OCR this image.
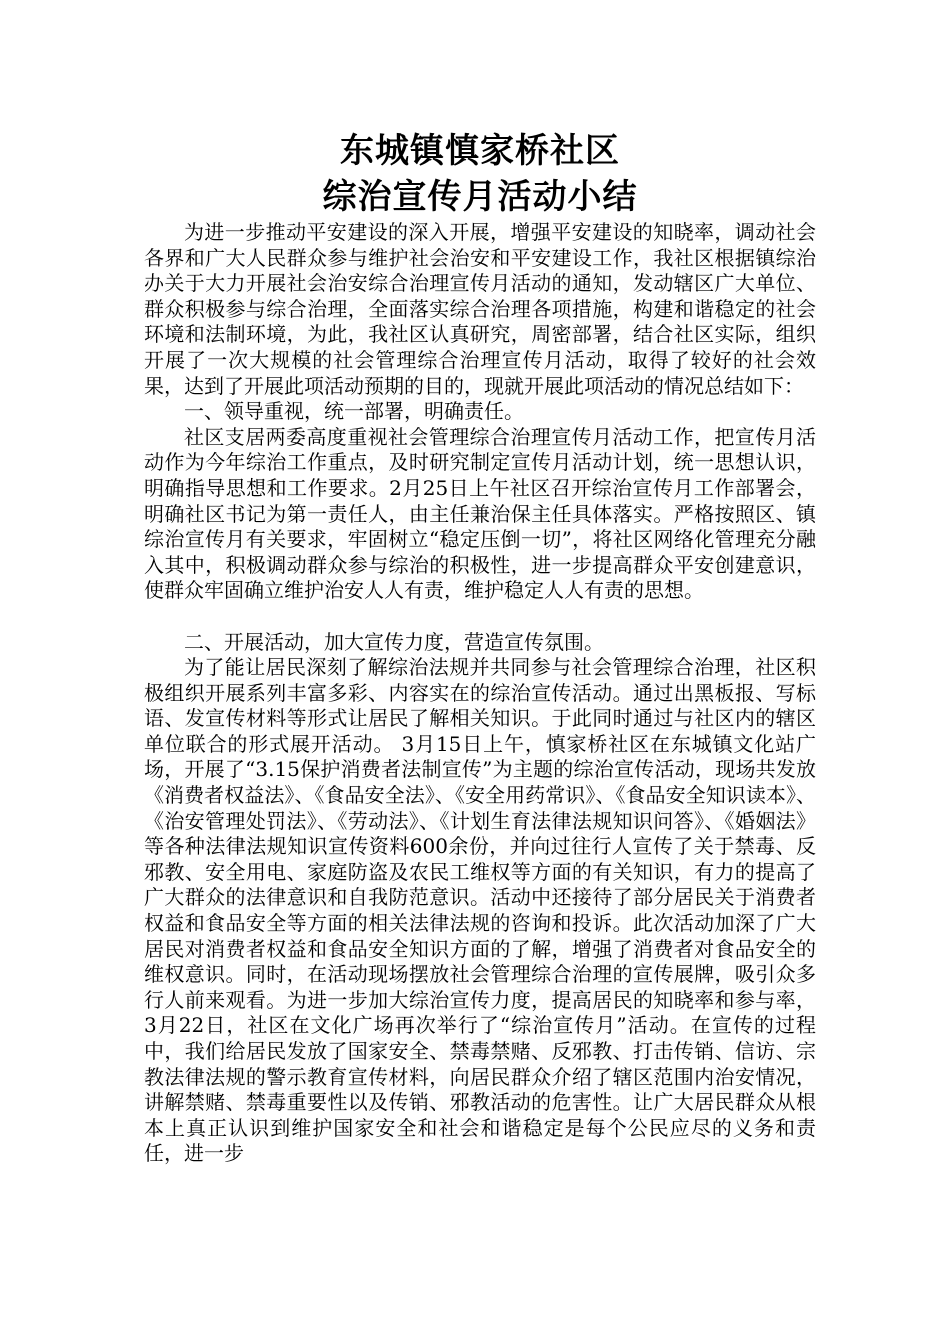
东城镇慎家桥社区
综治宣传月活动小结

为进一步推动平安建设的深入开展，增强平安建设的知晓率，调动社会各界和广大人民群众参与维护社会治安和平安建设工作，我社区根据镇综治办关于大力开展社会治安综合治理宣传月活动的通知，发动辖区广大单位、群众积极参与综合治理，全面落实综合治理各项措施，构建和谐稳定的社会环境和法制环境，为此，我社区认真研究，周密部署，结合社区实际，组织开展了一次大规模的社会管理综合治理宣传月活动，取得了较好的社会效果，达到了开展此项活动预期的目的，现就开展此项活动的情况总结如下：

一、领导重视，统一部署，明确责任。

社区支居两委高度重视社会管理综合治理宣传月活动工作，把宣传月活动作为今年综治工作重点，及时研究制定宣传月活动计划，统一思想认识，明确指导思想和工作要求。2月25日上午社区召开综治宣传月工作部署会，明确社区书记为第一责任人，由主任兼治保主任具体落实。严格按照区、镇综治宣传月有关要求，牢固树立“稳定压倒一切”，将社区网络化管理充分融入其中，积极调动群众参与综治的积极性，进一步提高群众平安创建意识，使群众牢固确立维护治安人人有责，维护稳定人人有责的思想。

二、开展活动，加大宣传力度，营造宣传氛围。

为了能让居民深刻了解综治法规并共同参与社会管理综合治理，社区积极组织开展系列丰富多彩、内容实在的综治宣传活动。通过出黑板报、写标语、发宣传材料等形式让居民了解相关知识。于此同时通过与社区内的辖区单位联合的形式展开活动。 3月15日上午，慎家桥社区在东城镇文化站广场，开展了“3.15保护消费者法制宣传”为主题的综治宣传活动，现场共发放《消费者权益法》、《食品安全法》、《安全用药常识》、《食品安全知识读本》、《治安管理处罚法》、《劳动法》、《计划生育法律法规知识问答》、《婚姻法》等各种法律法规知识宣传资料600余份，并向过往行人宣传了关于禁毒、反邪教、安全用电、家庭防盗及农民工维权等方面的有关知识，有力的提高了广大群众的法律意识和自我防范意识。活动中还接待了部分居民关于消费者权益和食品安全等方面的相关法律法规的咨询和投诉。此次活动加深了广大居民对消费者权益和食品安全知识方面的了解，增强了消费者对食品安全的维权意识。同时，在活动现场摆放社会管理综合治理的宣传展牌，吸引众多行人前来观看。为进一步加大综治宣传力度，提高居民的知晓率和参与率，3月22日，社区在文化广场再次举行了“综治宣传月”活动。在宣传的过程中，我们给居民发放了国家安全、禁毒禁赌、反邪教、打击传销、信访、宗教法律法规的警示教育宣传材料，向居民群众介绍了辖区范围内治安情况，讲解禁赌、禁毒重要性以及传销、邪教活动的危害性。让广大居民群众从根本上真正认识到维护国家安全和社会和谐稳定是每个公民应尽的义务和责任，进一步
